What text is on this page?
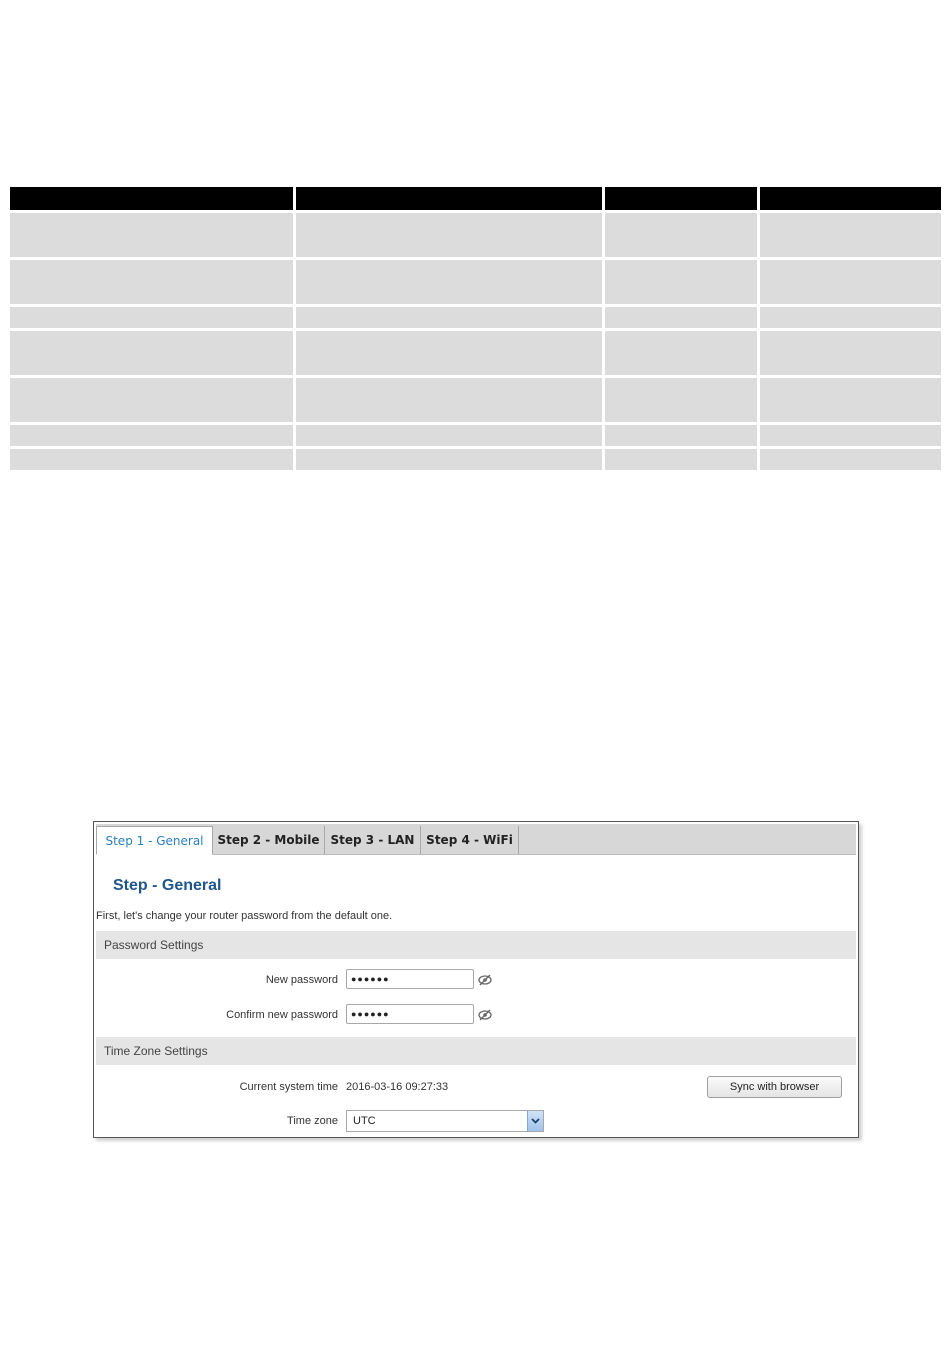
Step 1 - General	Step 2 - Mobile Step 3 - LAN Step 4 - WiFi
Step - General
First, let's change your router password from the default one.
Password Settings
New password	●●●●●●
Confirm new password	●●●●●●
Time Zone Settings
Current system time 2016-03-16 09:27:33	Sync with browser
Time zone UTC
